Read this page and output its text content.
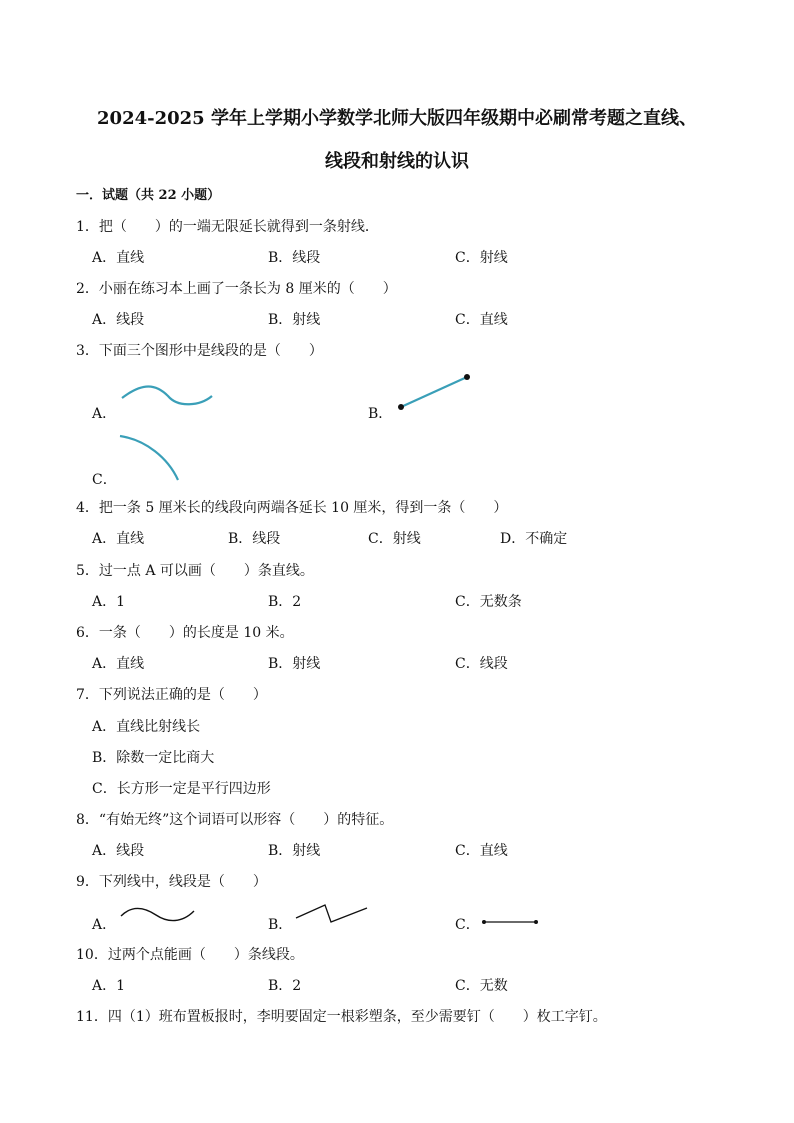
2024-2025 学年上学期小学数学北师大版四年级期中必刷常考题之直线、
线段和射线的认识
一．试题（共 22 小题）
1．把（　　）的一端无限延长就得到一条射线．
A．直线	B．线段	C．射线
2．小丽在练习本上画了一条长为 8 厘米的（　　）
A．线段	B．射线	C．直线
3．下面三个图形中是线段的是（　　）
A．	B．
C．
4．把一条 5 厘米长的线段向两端各延长 10 厘米，得到一条（　　）
A．直线	B．线段	C．射线	D．不确定
5．过一点 A 可以画（　　）条直线。
A．1	B．2	C．无数条
6．一条（　　）的长度是 10 米。
A．直线	B．射线	C．线段
7．下列说法正确的是（　　）
A．直线比射线长
B．除数一定比商大
C．长方形一定是平行四边形
8．“有始无终”这个词语可以形容（　　）的特征。
A．线段	B．射线	C．直线
9．下列线中，线段是（　　）
A．	B．	C．
10．过两个点能画（　　）条线段。
A．1	B．2	C．无数
11．四（1）班布置板报时，李明要固定一根彩塑条，至少需要钉（　　）枚工字钉。
